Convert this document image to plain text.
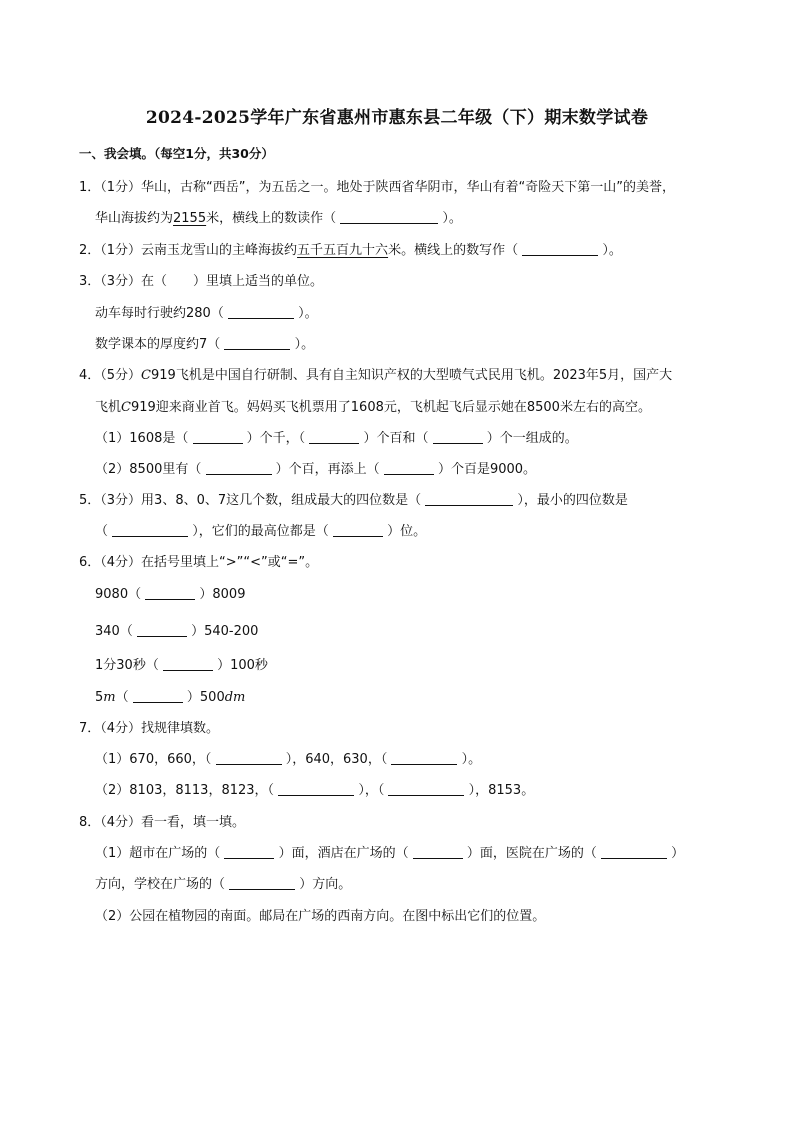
2024-2025学年广东省惠州市惠东县二年级（下）期末数学试卷
一、我会填。（每空1分，共30分）
1．（1分）华山，古称“西岳”，为五岳之一。地处于陕西省华阴市，华山有着“奇险天下第一山”的美誉，
华山海拔约为2155米，横线上的数读作（	）。
2．（1分）云南玉龙雪山的主峰海拔约五千五百九十六米。横线上的数写作（	）。
3．（3分）在（　　）里填上适当的单位。
动车每时行驶约280（	）。
数学课本的厚度约7（	）。
4．（5分）C919飞机是中国自行研制、具有自主知识产权的大型喷气式民用飞机。2023年5月，国产大
飞机C919迎来商业首飞。妈妈买飞机票用了1608元，飞机起飞后显示她在8500米左右的高空。
（1）1608是（	）个千，（	）个百和（	）个一组成的。
（2）8500里有（	）个百，再添上（	）个百是9000。
5．（3分）用3、8、0、7这几个数，组成最大的四位数是（	），最小的四位数是
（	），它们的最高位都是（	）位。
6．（4分）在括号里填上“>”“<”或“=”。
9080（	）8009
340（	）540-200
1分30秒（	）100秒
5m（	）500dm
7．（4分）找规律填数。
（1）670，660，（	），640，630，（	）。
（2）8103，8113，8123，（	），（	），8153。
8．（4分）看一看，填一填。
（1）超市在广场的（	）面，酒店在广场的（	）面，医院在广场的（	）
方向，学校在广场的（	）方向。
（2）公园在植物园的南面。邮局在广场的西南方向。在图中标出它们的位置。
